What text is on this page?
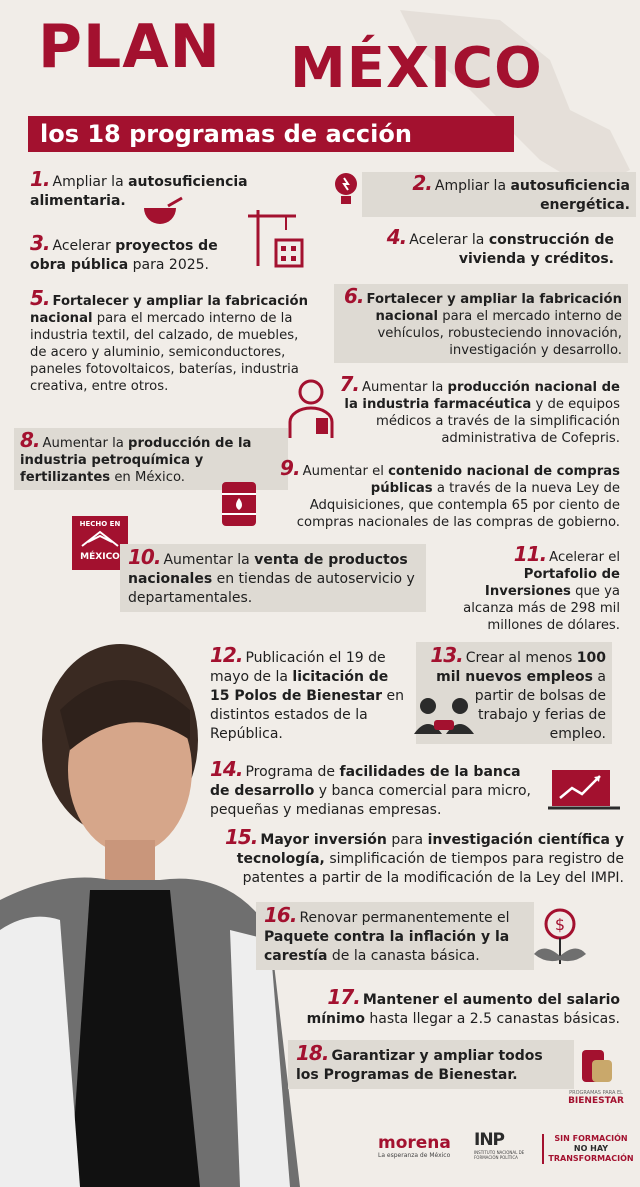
PLAN MÉXICO
los 18 programas de acción
1. Ampliar la autosuficiencia alimentaria.
2. Ampliar la autosuficiencia energética.
3. Acelerar proyectos de obra pública para 2025.
4. Acelerar la construcción de vivienda y créditos.
5. Fortalecer y ampliar la fabricación nacional para el mercado interno de la industria textil, del calzado, de muebles, de acero y aluminio, semiconductores, paneles fotovoltaicos, baterías, industria creativa, entre otros.
6. Fortalecer y ampliar la fabricación nacional para el mercado interno de vehículos, robusteciendo innovación, investigación y desarrollo.
7. Aumentar la producción nacional de la industria farmacéutica y de equipos médicos a través de la simplificación administrativa de Cofepris.
8. Aumentar la producción de la industria petroquímica y fertilizantes en México.	9. Aumentar el contenido nacional de compras públicas a través de la nueva Ley de Adquisiciones, que contempla 65 por ciento de compras nacionales de las compras de gobierno.
HECHO EN
MÉXICO 10. Aumentar la venta de productos nacionales en tiendas de autoservicio y departamentales.
11. Acelerar el Portafolio de Inversiones que ya alcanza más de 298 mil millones de dólares.
12. Publicación el 19 de mayo de la licitación de 15 Polos de Bienestar en distintos estados de la República.
13. Crear al menos 100 mil nuevos empleos a partir de bolsas de trabajo y ferias de empleo.
14. Programa de facilidades de la banca de desarrollo y banca comercial para micro, pequeñas y medianas empresas.
15. Mayor inversión para investigación científica y tecnología, simplificación de tiempos para registro de patentes a partir de la modificación de la Ley del IMPI.
16. Renovar permanentemente el Paquete contra la inflación y la carestía de la canasta básica.
$
17. Mantener el aumento del salario mínimo hasta llegar a 2.5 canastas básicas.
18. Garantizar y ampliar todos los Programas de Bienestar.
PROGRAMAS PARA EL
BIENESTAR
morena
La esperanza de México
INP
INSTITUTO NACIONAL DE FORMACIÓN POLÍTICA
SIN FORMACIÓN
NO HAY
TRANSFORMACIÓN
